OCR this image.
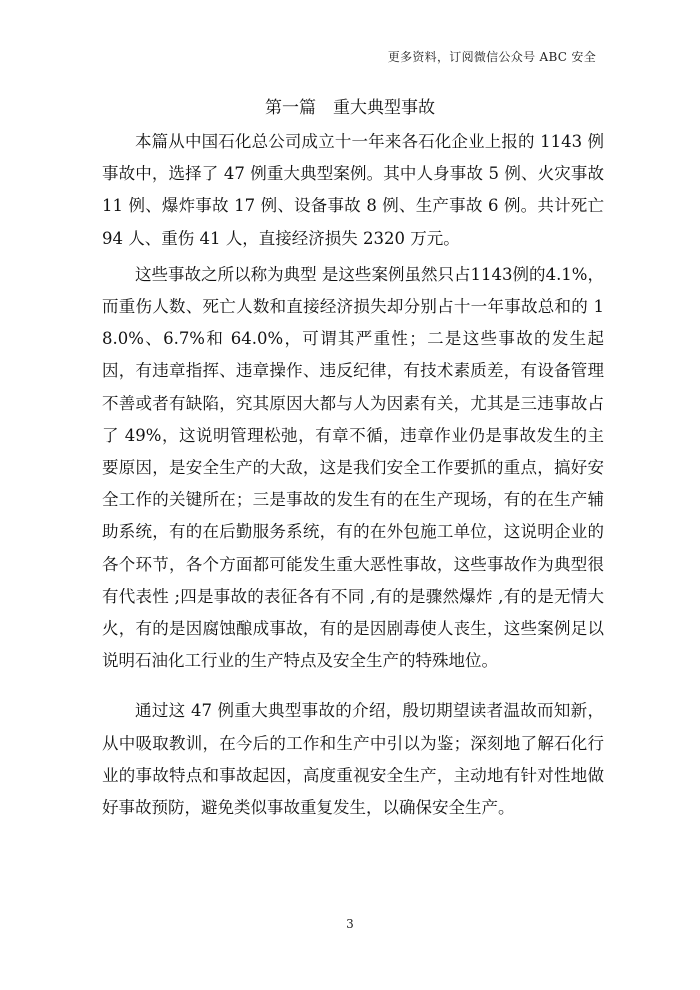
更多资料，订阅微信公众号 ABC 安全
第一篇　重大典型事故

本篇从中国石化总公司成立十一年来各石化企业上报的 1143 例事故中，选择了 47 例重大典型案例。其中人身事故 5 例、火灾事故 11 例、爆炸事故 17 例、设备事故 8 例、生产事故 6 例。共计死亡 94 人、重伤 41 人，直接经济损失 2320 万元。

这些事故之所以称为典型 是这些案例虽然只占1143例的4.1%，而重伤人数、死亡人数和直接经济损失却分别占十一年事故总和的 18.0%、6.7%和 64.0%，可谓其严重性；二是这些事故的发生起因，有违章指挥、违章操作、违反纪律，有技术素质差，有设备管理不善或者有缺陷，究其原因大都与人为因素有关，尤其是三违事故占了 49%，这说明管理松弛，有章不循，违章作业仍是事故发生的主要原因，是安全生产的大敌，这是我们安全工作要抓的重点，搞好安全工作的关键所在；三是事故的发生有的在生产现场，有的在生产辅助系统，有的在后勤服务系统，有的在外包施工单位，这说明企业的各个环节，各个方面都可能发生重大恶性事故，这些事故作为典型很有代表性 ;四是事故的表征各有不同 ,有的是骤然爆炸 ,有的是无情大火，有的是因腐蚀酿成事故，有的是因剧毒使人丧生，这些案例足以说明石油化工行业的生产特点及安全生产的特殊地位。

通过这 47 例重大典型事故的介绍，殷切期望读者温故而知新，从中吸取教训，在今后的工作和生产中引以为鉴；深刻地了解石化行业的事故特点和事故起因，高度重视安全生产，主动地有针对性地做好事故预防，避免类似事故重复发生，以确保安全生产。

3
